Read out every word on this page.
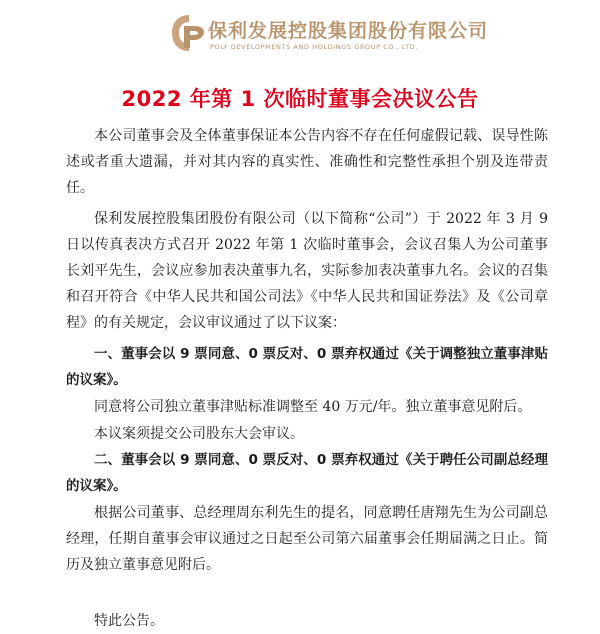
保利发展控股集团股份有限公司
POLY DEVELOPMENTS AND HOLDINGS GROUP CO., LTD.
2022 年第 1 次临时董事会决议公告

本公司董事会及全体董事保证本公告内容不存在任何虚假记载、误导性陈述或者重大遗漏，并对其内容的真实性、准确性和完整性承担个别及连带责任。

保利发展控股集团股份有限公司（以下简称“公司”）于 2022 年 3 月 9 日以传真表决方式召开 2022 年第 1 次临时董事会，会议召集人为公司董事长刘平先生，会议应参加表决董事九名，实际参加表决董事九名。会议的召集和召开符合《中华人民共和国公司法》《中华人民共和国证券法》及《公司章程》的有关规定，会议审议通过了以下议案：

一、董事会以 9 票同意、0 票反对、0 票弃权通过《关于调整独立董事津贴的议案》。

同意将公司独立董事津贴标准调整至 40 万元/年。独立董事意见附后。

本议案须提交公司股东大会审议。

二、董事会以 9 票同意、0 票反对、0 票弃权通过《关于聘任公司副总经理的议案》。

根据公司董事、总经理周东利先生的提名，同意聘任唐翔先生为公司副总经理，任期自董事会审议通过之日起至公司第六届董事会任期届满之日止。简历及独立董事意见附后。

特此公告。
